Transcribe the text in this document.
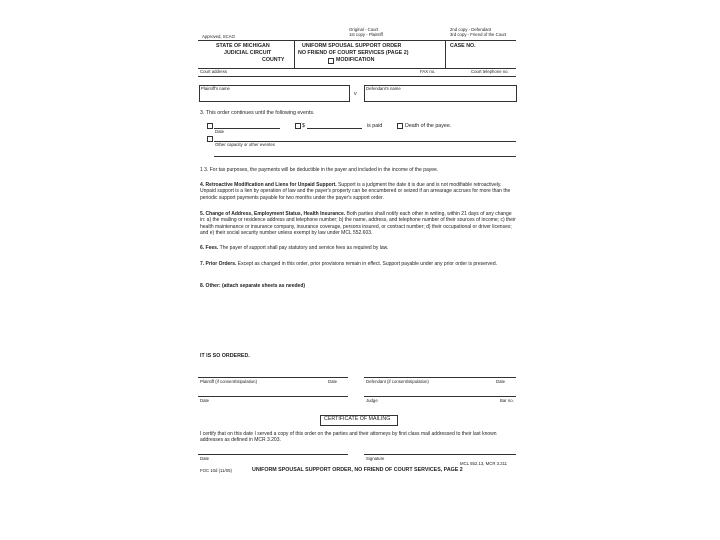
Approved, SCAO
Original - Court
1st copy - Plaintiff
2nd copy - Defendant
3rd copy - Friend of the Court
STATE OF MICHIGAN
JUDICIAL CIRCUIT
COUNTY
UNIFORM SPOUSAL SUPPORT ORDER
NO FRIEND OF COURT SERVICES (PAGE 2)
MODIFICATION
CASE NO.
Court address	FAX no.	Court telephone no.
Plaintiff's name
v
Defendant's name
3. This order continues until the following events.
Date
$	is paid	Death of the payee.
Other capacity or other eventes
1 3. For tax purposes, the payments will be deductible in the payer and included in the income of the payee.
4. Retroactive Modification and Liens for Unpaid Support. Support is a judgment the date it is due and is not modifiable retroactively. Unpaid support is a lien by operation of law and the payer's property can be encumbered or seized if an arrearage accrues for more than the periodic support payments payable for two months under the payer's support order.
5. Change of Address, Employment Status, Health Insurance. Both parties shall notify each other in writing, within 21 days of any change in: a) the mailing or residence address and telephone number; b) the name, address, and telephone number of their sources of income; c) their health maintenance or insurance company, insurance coverage, persons insured, or contract number; d) their occupational or driver licenses; and e) their social security number unless exempt by law under MCL 552.603.
6. Fees. The payer of support shall pay statutory and service fees as required by law.
7. Prior Orders. Except as changed in this order, prior provisions remain in effect. Support payable under any prior order is preserved.
8. Other: (attach separate sheets as needed)
IT IS SO ORDERED.
Plaintiff (if consent/stipulation)	Date	Defendant (if consent/stipulation)	Date
Date	Judge	Bar no.
CERTIFICATE OF MAILING
I certify that on this date I served a copy of this order on the parties and their attorneys by first class mail addressed to their last known addresses as defined in MCR 3.203.
Date	Signature
MCL 552.13, MCR 3.211
FOC 10d (11/05)	UNIFORM SPOUSAL SUPPORT ORDER, NO FRIEND OF COURT SERVICES, PAGE 2
